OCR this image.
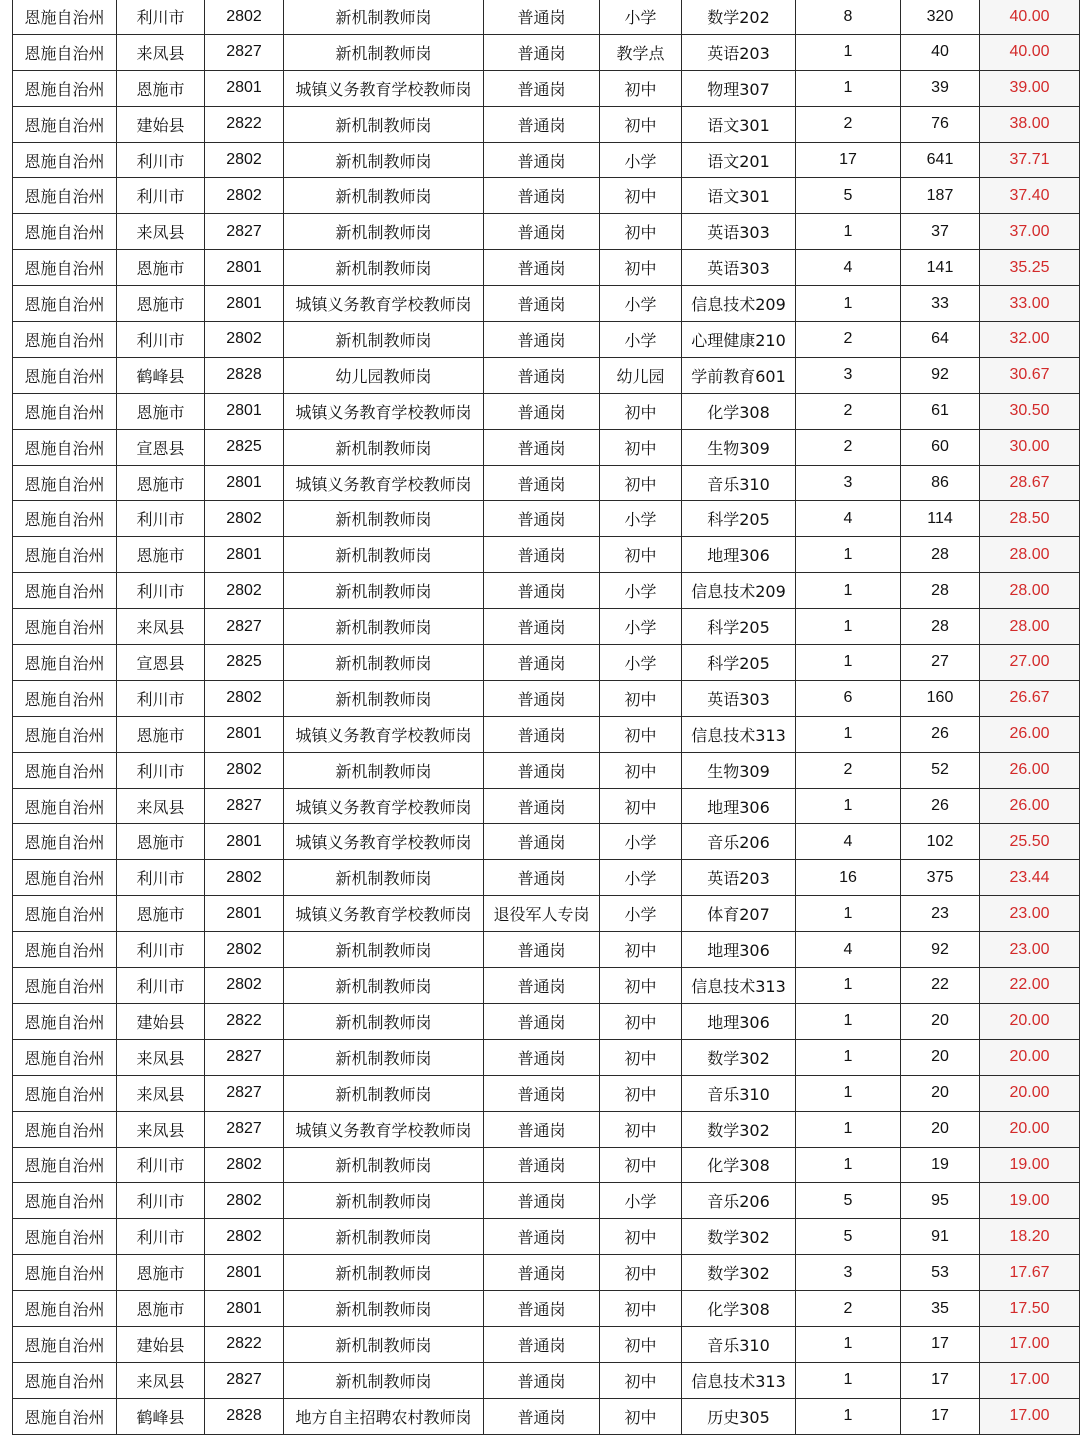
恩施自治州	利川市	2802	新机制教师岗	普通岗	小学	数学202	8	320	40.00
恩施自治州	来凤县	2827	新机制教师岗	普通岗	教学点	英语203	1	40	40.00
恩施自治州	恩施市	2801	城镇义务教育学校教师岗	普通岗	初中	物理307	1	39	39.00
恩施自治州	建始县	2822	新机制教师岗	普通岗	初中	语文301	2	76	38.00
恩施自治州	利川市	2802	新机制教师岗	普通岗	小学	语文201	17	641	37.71
恩施自治州	利川市	2802	新机制教师岗	普通岗	初中	语文301	5	187	37.40
恩施自治州	来凤县	2827	新机制教师岗	普通岗	初中	英语303	1	37	37.00
恩施自治州	恩施市	2801	新机制教师岗	普通岗	初中	英语303	4	141	35.25
恩施自治州	恩施市	2801	城镇义务教育学校教师岗	普通岗	小学	信息技术209	1	33	33.00
恩施自治州	利川市	2802	新机制教师岗	普通岗	小学	心理健康210	2	64	32.00
恩施自治州	鹤峰县	2828	幼儿园教师岗	普通岗	幼儿园	学前教育601	3	92	30.67
恩施自治州	恩施市	2801	城镇义务教育学校教师岗	普通岗	初中	化学308	2	61	30.50
恩施自治州	宣恩县	2825	新机制教师岗	普通岗	初中	生物309	2	60	30.00
恩施自治州	恩施市	2801	城镇义务教育学校教师岗	普通岗	初中	音乐310	3	86	28.67
恩施自治州	利川市	2802	新机制教师岗	普通岗	小学	科学205	4	114	28.50
恩施自治州	恩施市	2801	新机制教师岗	普通岗	初中	地理306	1	28	28.00
恩施自治州	利川市	2802	新机制教师岗	普通岗	小学	信息技术209	1	28	28.00
恩施自治州	来凤县	2827	新机制教师岗	普通岗	小学	科学205	1	28	28.00
恩施自治州	宣恩县	2825	新机制教师岗	普通岗	小学	科学205	1	27	27.00
恩施自治州	利川市	2802	新机制教师岗	普通岗	初中	英语303	6	160	26.67
恩施自治州	恩施市	2801	城镇义务教育学校教师岗	普通岗	初中	信息技术313	1	26	26.00
恩施自治州	利川市	2802	新机制教师岗	普通岗	初中	生物309	2	52	26.00
恩施自治州	来凤县	2827	城镇义务教育学校教师岗	普通岗	初中	地理306	1	26	26.00
恩施自治州	恩施市	2801	城镇义务教育学校教师岗	普通岗	小学	音乐206	4	102	25.50
恩施自治州	利川市	2802	新机制教师岗	普通岗	小学	英语203	16	375	23.44
恩施自治州	恩施市	2801	城镇义务教育学校教师岗	退役军人专岗	小学	体育207	1	23	23.00
恩施自治州	利川市	2802	新机制教师岗	普通岗	初中	地理306	4	92	23.00
恩施自治州	利川市	2802	新机制教师岗	普通岗	初中	信息技术313	1	22	22.00
恩施自治州	建始县	2822	新机制教师岗	普通岗	初中	地理306	1	20	20.00
恩施自治州	来凤县	2827	新机制教师岗	普通岗	初中	数学302	1	20	20.00
恩施自治州	来凤县	2827	新机制教师岗	普通岗	初中	音乐310	1	20	20.00
恩施自治州	来凤县	2827	城镇义务教育学校教师岗	普通岗	初中	数学302	1	20	20.00
恩施自治州	利川市	2802	新机制教师岗	普通岗	初中	化学308	1	19	19.00
恩施自治州	利川市	2802	新机制教师岗	普通岗	小学	音乐206	5	95	19.00
恩施自治州	利川市	2802	新机制教师岗	普通岗	初中	数学302	5	91	18.20
恩施自治州	恩施市	2801	新机制教师岗	普通岗	初中	数学302	3	53	17.67
恩施自治州	恩施市	2801	新机制教师岗	普通岗	初中	化学308	2	35	17.50
恩施自治州	建始县	2822	新机制教师岗	普通岗	初中	音乐310	1	17	17.00
恩施自治州	来凤县	2827	新机制教师岗	普通岗	初中	信息技术313	1	17	17.00
恩施自治州	鹤峰县	2828	地方自主招聘农村教师岗	普通岗	初中	历史305	1	17	17.00
